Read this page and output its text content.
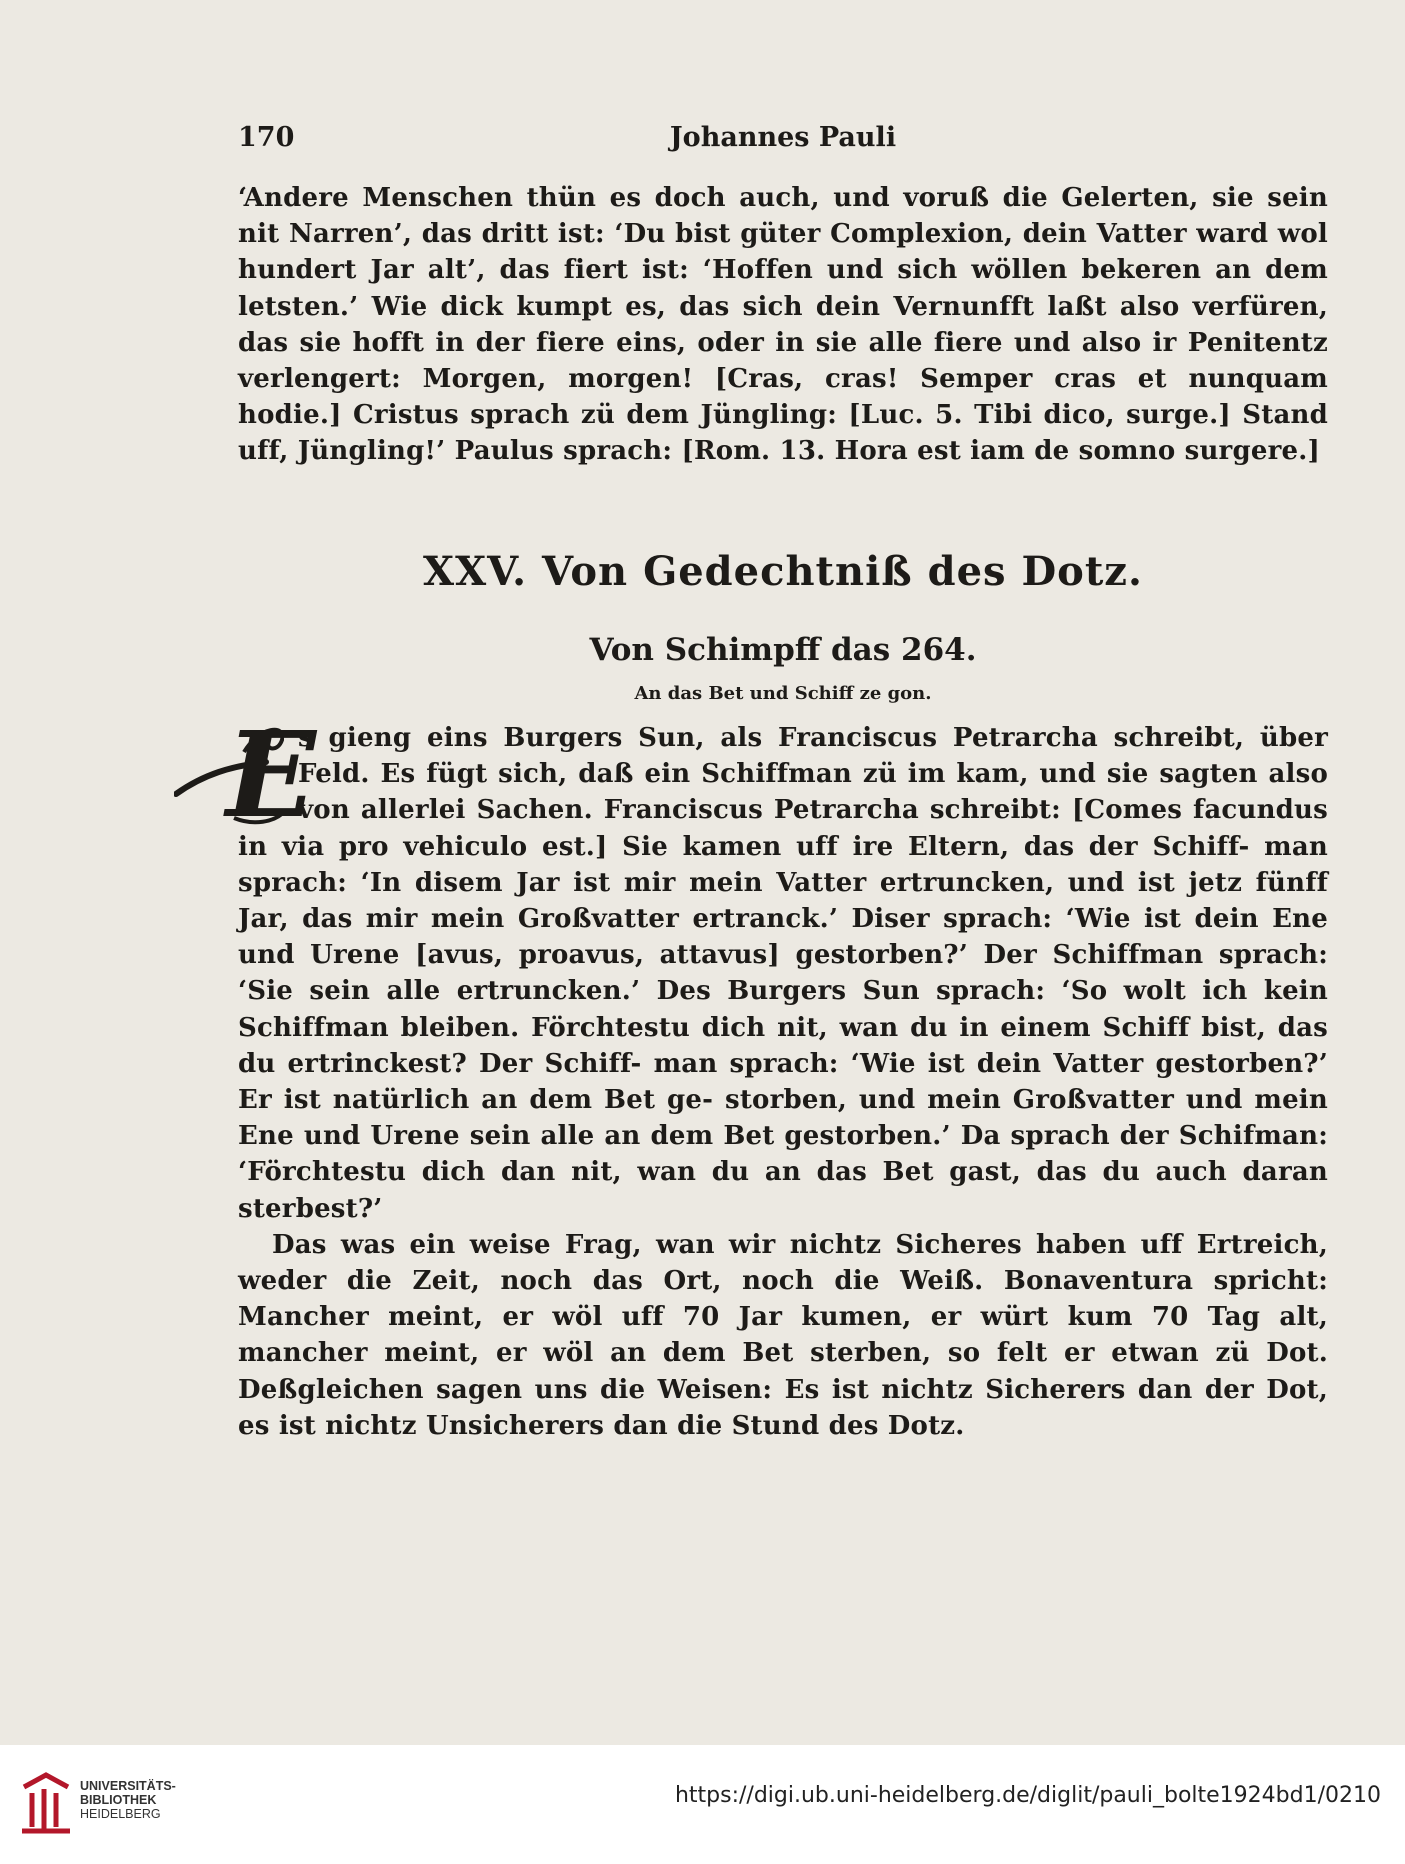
170	Johannes Pauli

‘Andere Menschen thün es doch auch, und voruß die Gelerten, sie sein nit Narren’, das dritt ist: ‘Du bist güter Complexion, dein Vatter ward wol hundert Jar alt’, das fiert ist: ‘Hoffen und sich wöllen bekeren an dem letsten.’ Wie dick kumpt es, das sich dein Vernunfft laßt also verfüren, das sie hofft in der fiere eins, oder in sie alle fiere und also ir Penitentz verlengert: Morgen, morgen! [Cras, cras! Semper cras et nunquam hodie.] Cristus sprach zü dem Jüngling: [Luc. 5. Tibi dico, surge.] Stand uff, Jüngling!’ Paulus sprach: [Rom. 13. Hora est iam de somno surgere.]

XXV. Von Gedechtniß des Dotz.
Von Schimpff das 264.
An das Bet und Schiff ze gon.

E
s gieng eins Burgers Sun, als Franciscus Petrarcha schreibt, über Feld. Es fügt sich, daß ein Schiffman zü im kam, und sie sagten also von allerlei Sachen. Franciscus Petrarcha schreibt: [Comes facundus in via pro vehiculo est.] Sie kamen uff ire Eltern, das der Schiff- man sprach: ‘In disem Jar ist mir mein Vatter ertruncken, und ist jetz fünff Jar, das mir mein Großvatter ertranck.’ Diser sprach: ‘Wie ist dein Ene und Urene [avus, proavus, attavus] gestorben?’ Der Schiffman sprach: ‘Sie sein alle ertruncken.’ Des Burgers Sun sprach: ‘So wolt ich kein Schiffman bleiben. Förchtestu dich nit, wan du in einem Schiff bist, das du ertrinckest? Der Schiff- man sprach: ‘Wie ist dein Vatter gestorben?’ Er ist natürlich an dem Bet ge- storben, und mein Großvatter und mein Ene und Urene sein alle an dem Bet gestorben.’ Da sprach der Schifman: ‘Förchtestu dich dan nit, wan du an das Bet gast, das du auch daran sterbest?’

Das was ein weise Frag, wan wir nichtz Sicheres haben uff Ertreich, weder die Zeit, noch das Ort, noch die Weiß. Bonaventura spricht: Mancher meint, er wöl uff 70 Jar kumen, er würt kum 70 Tag alt, mancher meint, er wöl an dem Bet sterben, so felt er etwan zü Dot. Deßgleichen sagen uns die Weisen: Es ist nichtz Sicherers dan der Dot, es ist nichtz Unsicherers dan die Stund des Dotz.

UNIVERSITÄTS-
BIBLIOTHEK
HEIDELBERG
https://digi.ub.uni-heidelberg.de/diglit/pauli_bolte1924bd1/0210
